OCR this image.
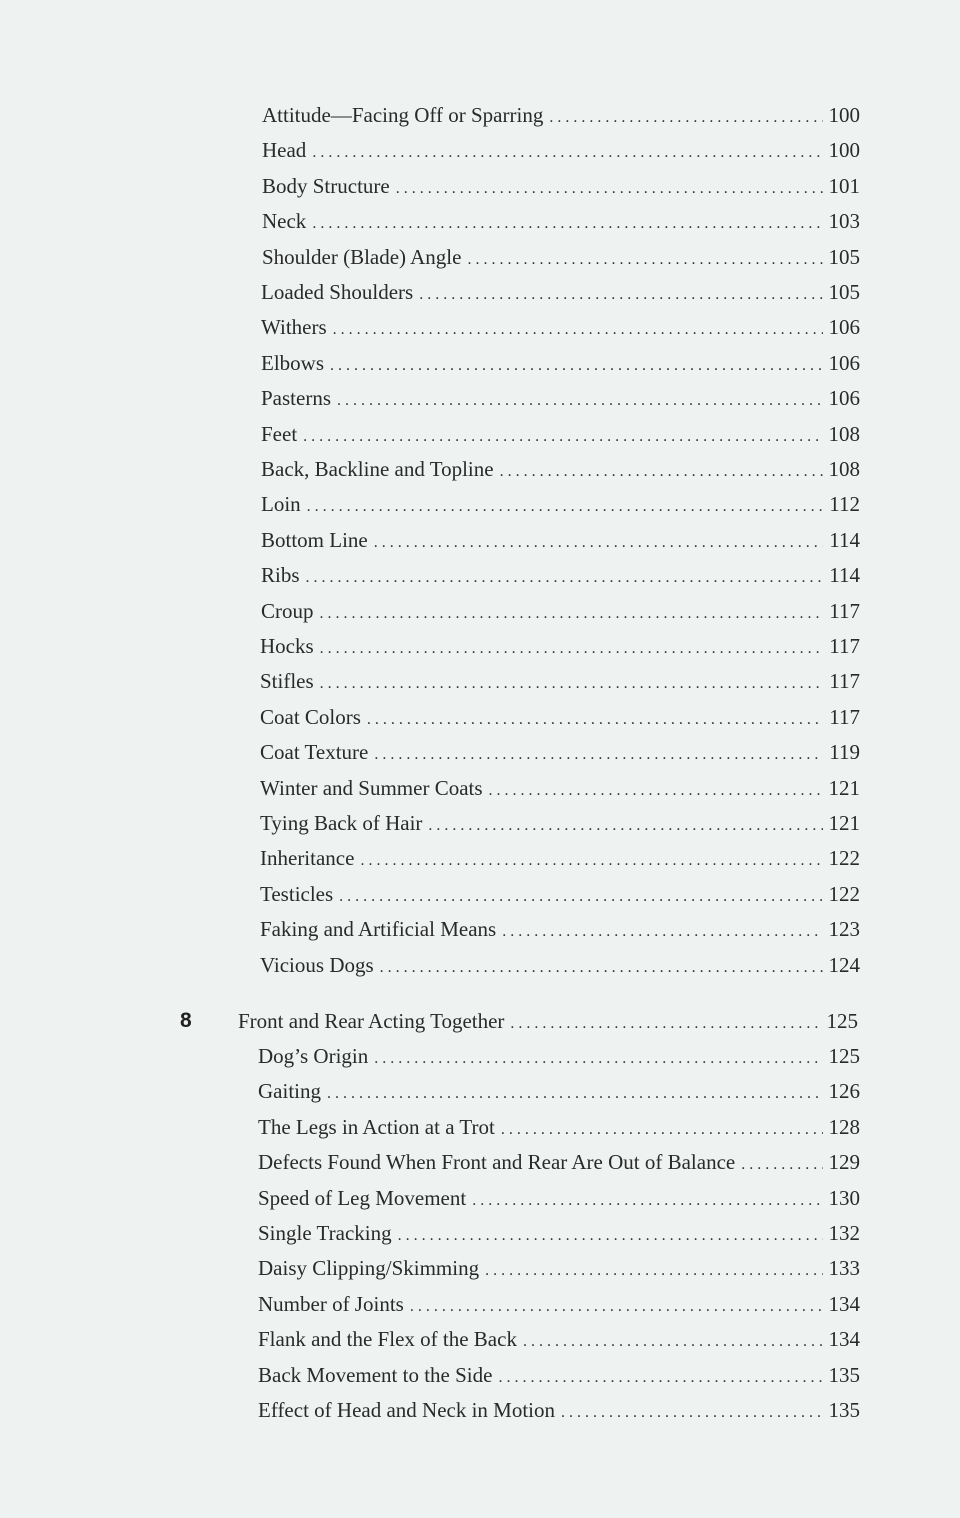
Attitude—Facing Off or Sparring . . .	100
Head . . .	100
Body Structure . . .	101
Neck . . .	103
Shoulder (Blade) Angle . . .	105
Loaded Shoulders . . .	105
Withers . . .	106
Elbows . . .	106
Pasterns . . .	106
Feet . . .	108
Back, Backline and Topline . . .	108
Loin . . .	112
Bottom Line . . .	114
Ribs . . .	114
Croup . . .	117
Hocks . . .	117
Stifles . . .	117
Coat Colors . . .	117
Coat Texture . . .	119
Winter and Summer Coats . . .	121
Tying Back of Hair . . .	121
Inheritance . . .	122
Testicles . . .	122
Faking and Artificial Means . . .	123
Vicious Dogs . . .	124
8 Front and Rear Acting Together . . .	125
Dog’s Origin . . .	125
Gaiting . . .	126
The Legs in Action at a Trot . . .	128
Defects Found When Front and Rear Are Out of Balance . . .	129
Speed of Leg Movement . . .	130
Single Tracking . . .	132
Daisy Clipping/Skimming . . .	133
Number of Joints . . .	134
Flank and the Flex of the Back . . .	134
Back Movement to the Side . . .	135
Effect of Head and Neck in Motion . . .	135
